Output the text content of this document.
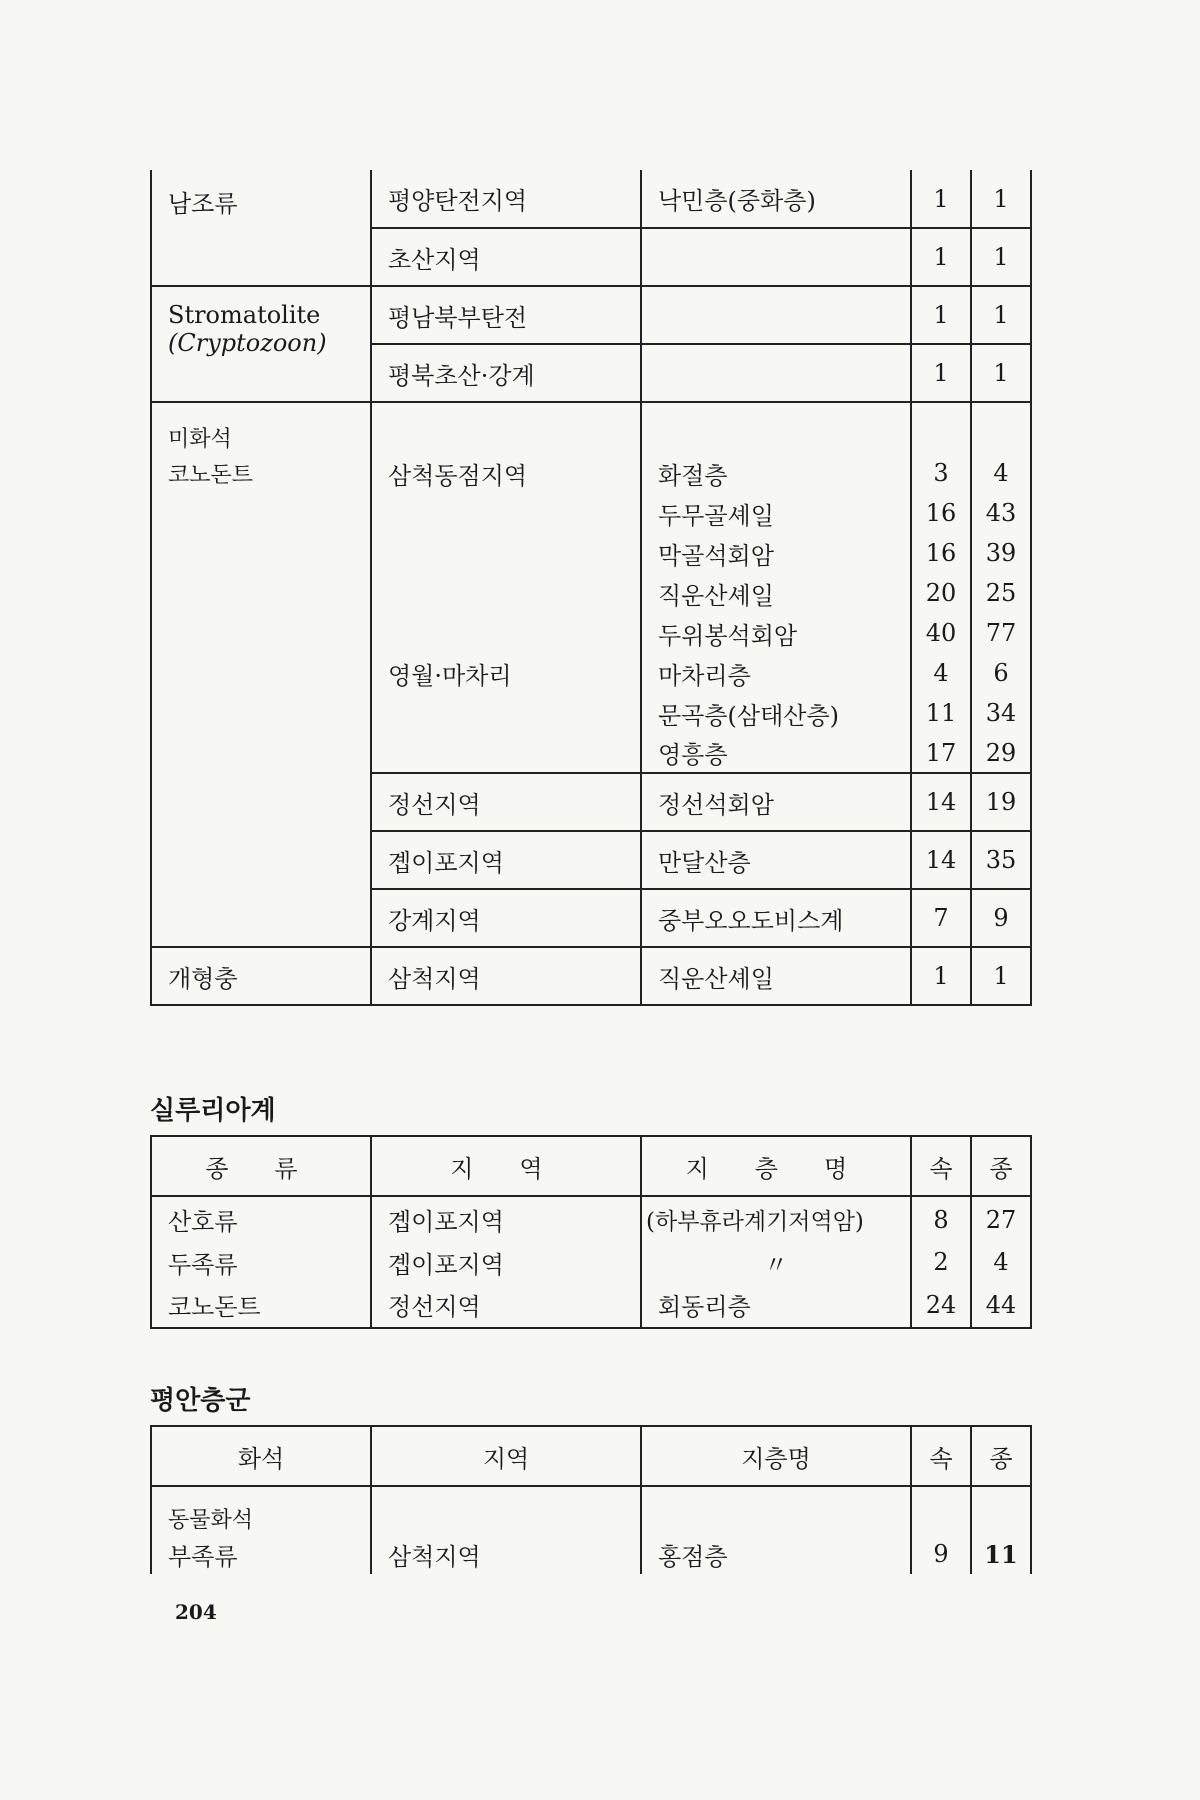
남조류	평양탄전지역	낙민층(중화층)	1	1
	초산지역		1	1

Stromatolite
(Cryptozoon)	평남북부탄전		1	1
	평북초산·강계		1	1
미화석				
코노돈트	삼척동점지역	화절층	3	4
		두무골셰일	16	43
		막골석회암	16	39
		직운산셰일	20	25
		두위봉석회암	40	77
	영월·마차리	마차리층	4	6
		문곡층(삼태산층)	11	34
		영흥층	17	29
	정선지역	정선석회암	14	19
	곕이포지역	만달산층	14	35
	강계지역	중부오오도비스계	7	9
개형충	삼척지역	직운산셰일	1	1
실루리아계
종 류	지 역	지 층 명	속	종
산호류	곕이포지역	(하부휴라계기저역암)	8	27
두족류	곕이포지역	〃	2	4
코노돈트	정선지역	회동리층	24	44
평안층군
화석	지역	지층명	속	종
동물화석				
부족류	삼척지역	홍점층	9	11
204
